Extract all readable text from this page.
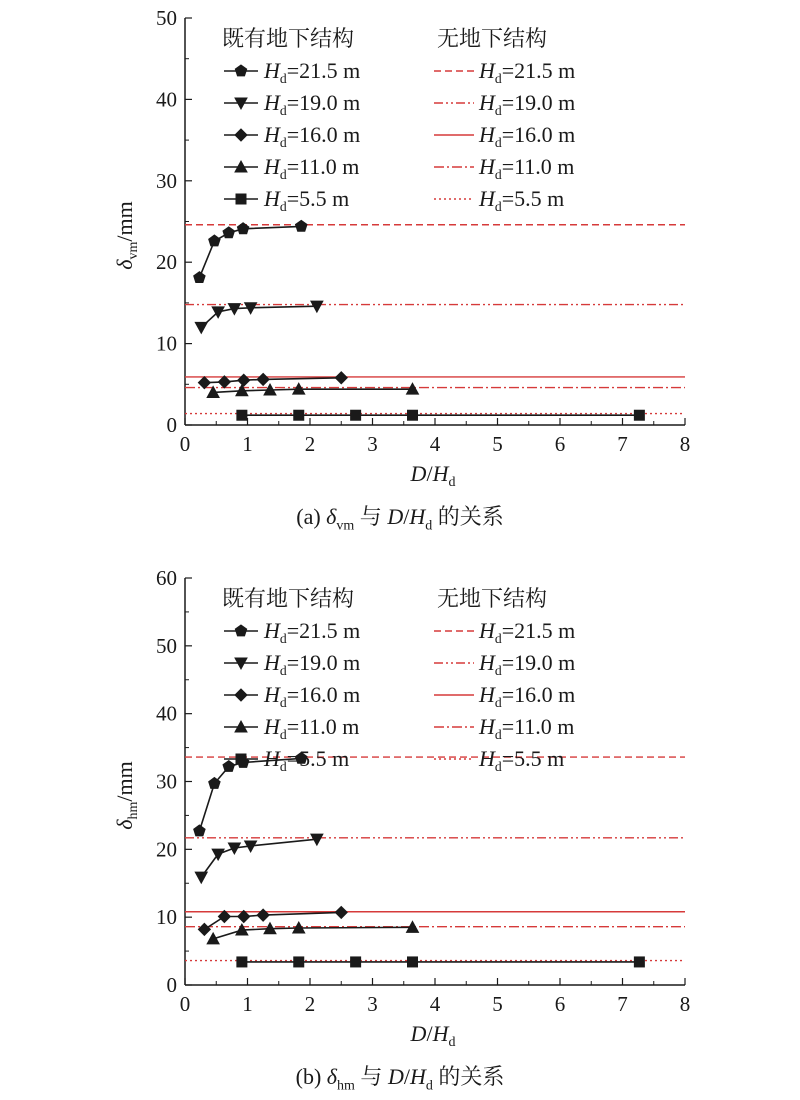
0 1 2 3 4 5 6 7 8
0
10
20
30
40
50
$D/H_d$
$\delta_{vm}/mm$
既有地下结构	无地下结构
$H_d=21.5$ m	$H_d=21.5$ m
$H_d=19.0$ m	$H_d=19.0$ m
$H_d=16.0$ m	$H_d=16.0$ m
$H_d=11.0$ m	$H_d=11.0$ m
$H_d=5.5$ m	$H_d=5.5$ m
(a) $\delta_{vm}$ 与 $D/H_d$ 的关系
0 1 2 3 4 5 6 7 8
0
10
20
30
40
50
60
$D/H_d$
$\delta_{hm}/mm$
既有地下结构	无地下结构
$H_d=21.5$ m	$H_d=21.5$ m
$H_d=19.0$ m	$H_d=19.0$ m
$H_d=16.0$ m	$H_d=16.0$ m
$H_d=11.0$ m	$H_d=11.0$ m
$H_d=5.5$ m	$H_d=5.5$ m
(b) $\delta_{hm}$ 与 $D/H_d$ 的关系
